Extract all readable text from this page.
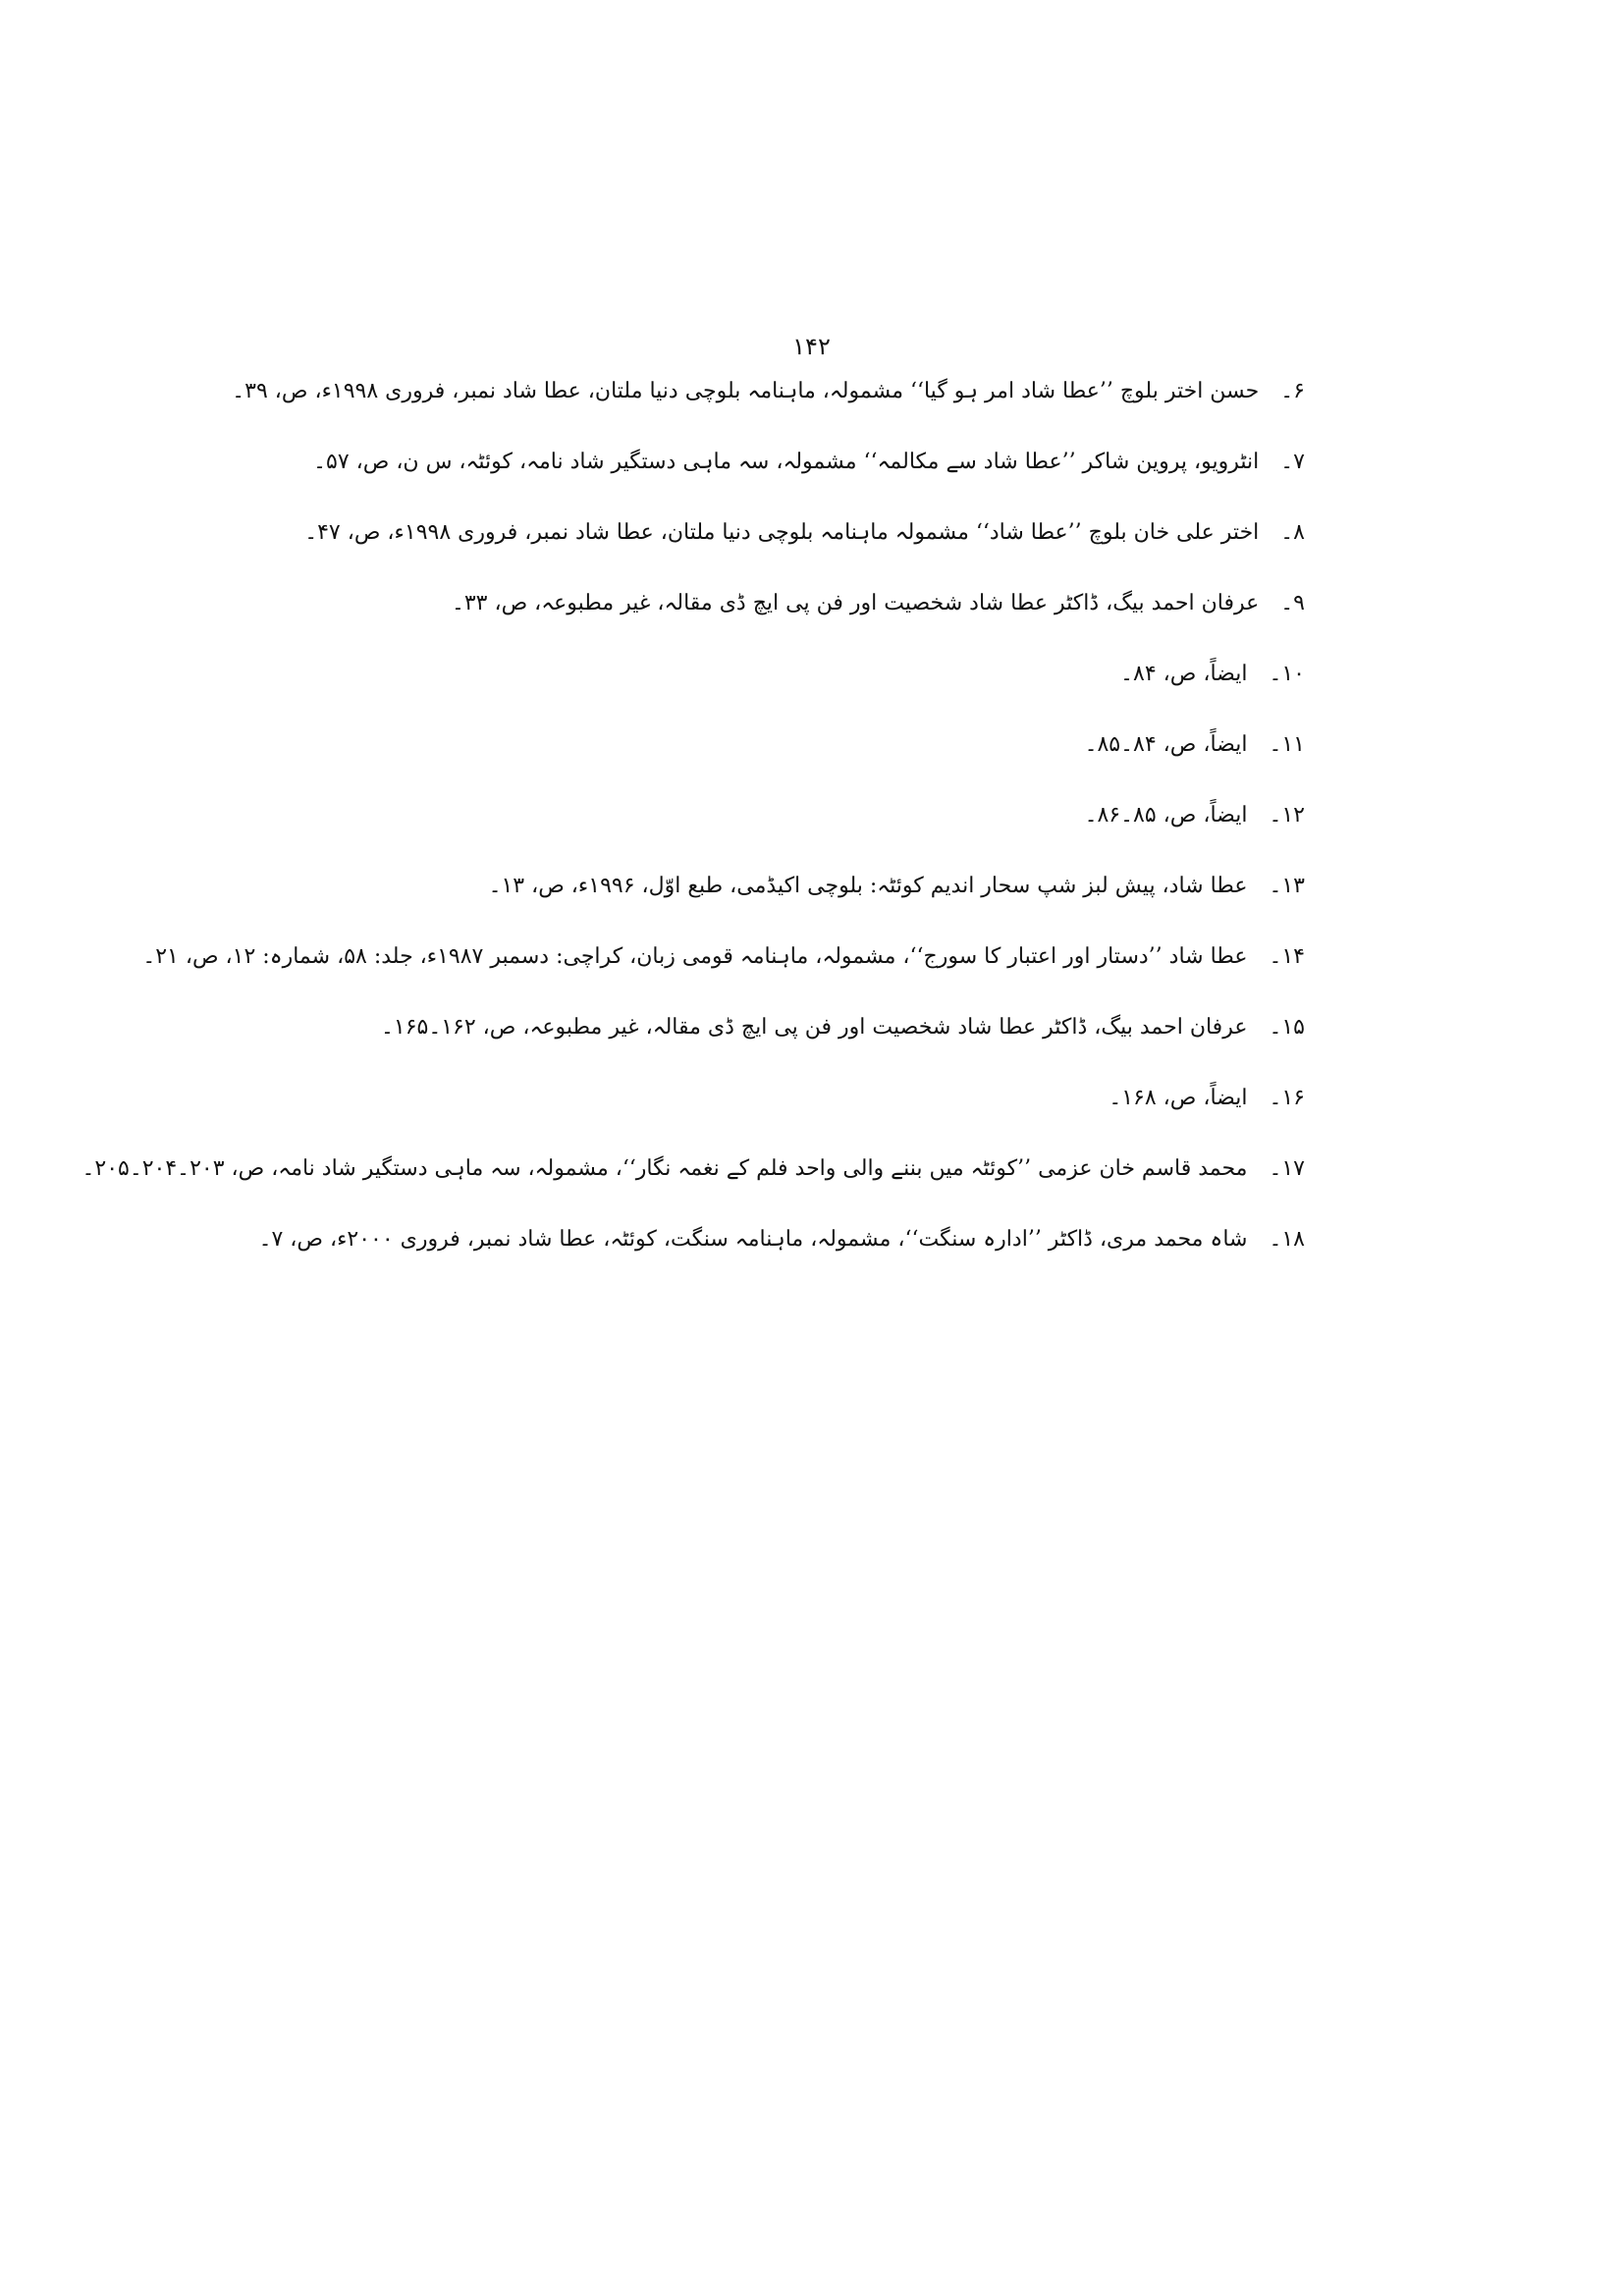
۱۴۲
۶۔حسن اختر بلوچ ’’عطا شاد امر ہو گیا‘‘ مشمولہ، ماہنامہ بلوچی دنیا ملتان، عطا شاد نمبر، فروری ۱۹۹۸ء، ص، ۳۹۔
۷۔انٹرویو، پروین شاکر ’’عطا شاد سے مکالمہ‘‘ مشمولہ، سہ ماہی دستگیر شاد نامہ، کوئٹہ، س ن، ص، ۵۷۔
۸۔اختر علی خان بلوچ ’’عطا شاد‘‘ مشمولہ ماہنامہ بلوچی دنیا ملتان، عطا شاد نمبر، فروری ۱۹۹۸ء، ص، ۴۷۔
۹۔عرفان احمد بیگ، ڈاکٹر عطا شاد شخصیت اور فن پی ایچ ڈی مقالہ، غیر مطبوعہ، ص، ۳۳۔
۱۰۔ایضاً، ص، ۸۴۔
۱۱۔ایضاً، ص، ۸۴۔۸۵۔
۱۲۔ایضاً، ص، ۸۵۔۸۶۔
۱۳۔عطا شاد، پیش لبز شپ سحار اندیم کوئٹہ: بلوچی اکیڈمی، طبع اوّل، ۱۹۹۶ء، ص، ۱۳۔
۱۴۔عطا شاد ’’دستار اور اعتبار کا سورج‘‘، مشمولہ، ماہنامہ قومی زبان، کراچی: دسمبر ۱۹۸۷ء، جلد: ۵۸، شمارہ: ۱۲، ص، ۲۱۔
۱۵۔عرفان احمد بیگ، ڈاکٹر عطا شاد شخصیت اور فن پی ایچ ڈی مقالہ، غیر مطبوعہ، ص، ۱۶۲۔۱۶۵۔
۱۶۔ایضاً، ص، ۱۶۸۔
۱۷۔محمد قاسم خان عزمی ’’کوئٹہ میں بننے والی واحد فلم کے نغمہ نگار‘‘، مشمولہ، سہ ماہی دستگیر شاد نامہ، ص، ۲۰۳۔۲۰۴۔۲۰۵۔
۱۸۔شاہ محمد مری، ڈاکٹر ’’ادارہ سنگت‘‘، مشمولہ، ماہنامہ سنگت، کوئٹہ، عطا شاد نمبر، فروری ۲۰۰۰ء، ص، ۷۔
